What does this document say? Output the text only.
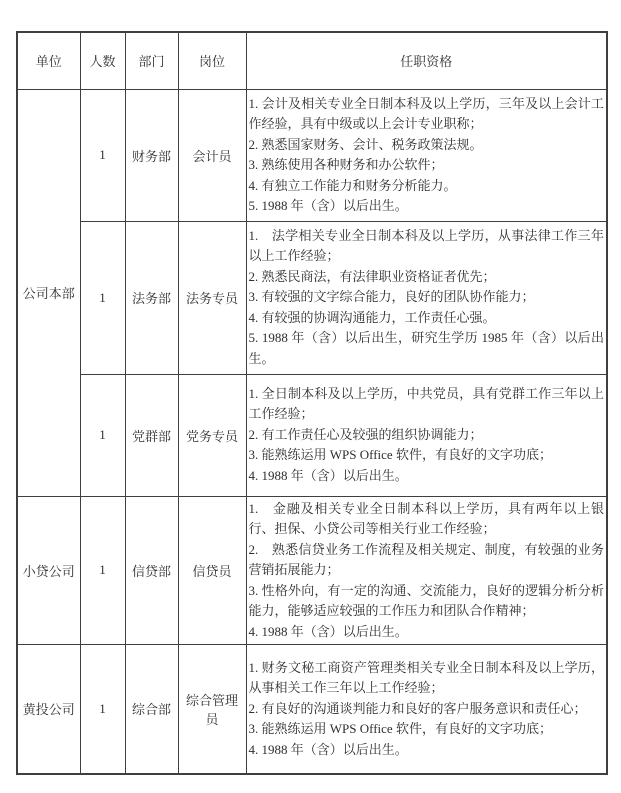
单位	人数	部门	岗位	任职资格
公司本部	1	财务部	会计员	1. 会计及相关专业全日制本科及以上学历，三年及以上会计工作经验，具有中级或以上会计专业职称；
2. 熟悉国家财务、会计、税务政策法规。
3. 熟练使用各种财务和办公软件；
4. 有独立工作能力和财务分析能力。
5. 1988 年（含）以后出生。

	1	法务部	法务专员	1.　法学相关专业全日制本科及以上学历，从事法律工作三年以上工作经验；
2. 熟悉民商法，有法律职业资格证者优先；
3. 有较强的文字综合能力，良好的团队协作能力；
4. 有较强的协调沟通能力，工作责任心强。
5. 1988 年（含）以后出生，研究生学历 1985 年（含）以后出生。

	1	党群部	党务专员	1. 全日制本科及以上学历，中共党员，具有党群工作三年以上工作经验；
2. 有工作责任心及较强的组织协调能力；
3. 能熟练运用 WPS Office 软件，有良好的文字功底；
4. 1988 年（含）以后出生。

小贷公司	1	信贷部	信贷员	1.　金融及相关专业全日制本科以上学历，具有两年以上银行、担保、小贷公司等相关行业工作经验；
2.　熟悉信贷业务工作流程及相关规定、制度，有较强的业务营销拓展能力；
3. 性格外向，有一定的沟通、交流能力，良好的逻辑分析分析能力，能够适应较强的工作压力和团队合作精神；
4. 1988 年（含）以后出生。

黄投公司	1	综合部	综合管理员	1. 财务文秘工商资产管理类相关专业全日制本科及以上学历，从事相关工作三年以上工作经验；
2. 有良好的沟通谈判能力和良好的客户服务意识和责任心；
3. 能熟练运用 WPS Office 软件，有良好的文字功底；
4. 1988 年（含）以后出生。
